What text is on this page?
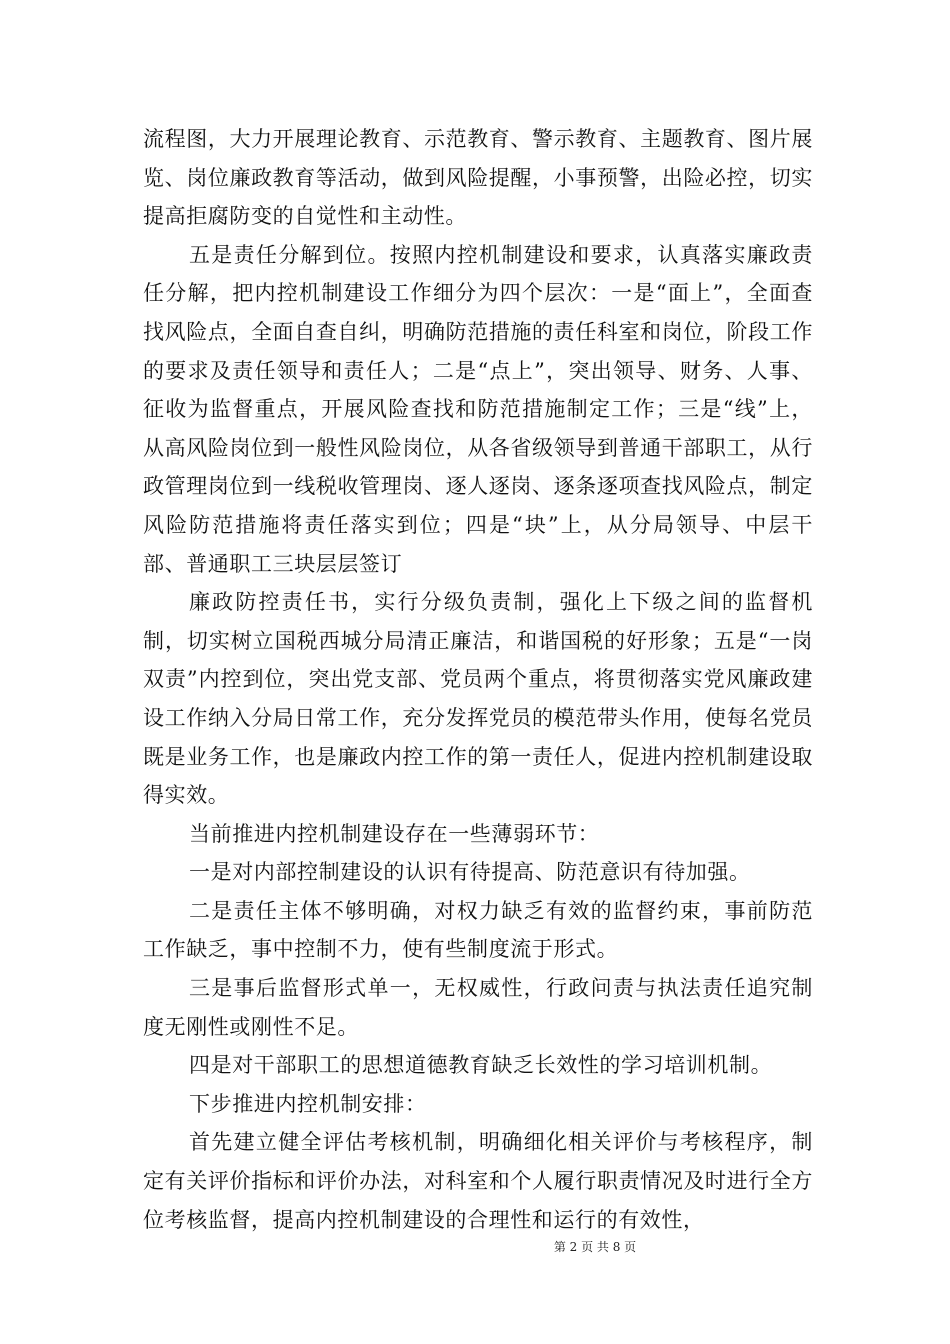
流程图，大力开展理论教育、示范教育、警示教育、主题教育、图片展览、岗位廉政教育等活动，做到风险提醒，小事预警，出险必控，切实提高拒腐防变的自觉性和主动性。

五是责任分解到位。按照内控机制建设和要求，认真落实廉政责任分解，把内控机制建设工作细分为四个层次：一是“面上”，全面查找风险点，全面自查自纠，明确防范措施的责任科室和岗位，阶段工作的要求及责任领导和责任人；二是“点上”，突出领导、财务、人事、征收为监督重点，开展风险查找和防范措施制定工作；三是“线”上，从高风险岗位到一般性风险岗位，从各省级领导到普通干部职工，从行政管理岗位到一线税收管理岗、逐人逐岗、逐条逐项查找风险点，制定风险防范措施将责任落实到位；四是“块”上，从分局领导、中层干部、普通职工三块层层签订

廉政防控责任书，实行分级负责制，强化上下级之间的监督机制，切实树立国税西城分局清正廉洁，和谐国税的好形象；五是“一岗双责”内控到位，突出党支部、党员两个重点，将贯彻落实党风廉政建设工作纳入分局日常工作，充分发挥党员的模范带头作用，使每名党员既是业务工作，也是廉政内控工作的第一责任人，促进内控机制建设取得实效。

当前推进内控机制建设存在一些薄弱环节：

一是对内部控制建设的认识有待提高、防范意识有待加强。

二是责任主体不够明确，对权力缺乏有效的监督约束，事前防范工作缺乏，事中控制不力，使有些制度流于形式。

三是事后监督形式单一，无权威性，行政问责与执法责任追究制度无刚性或刚性不足。

四是对干部职工的思想道德教育缺乏长效性的学习培训机制。

下步推进内控机制安排：

首先建立健全评估考核机制，明确细化相关评价与考核程序，制定有关评价指标和评价办法，对科室和个人履行职责情况及时进行全方位考核监督，提高内控机制建设的合理性和运行的有效性，

第 2 页 共 8 页
